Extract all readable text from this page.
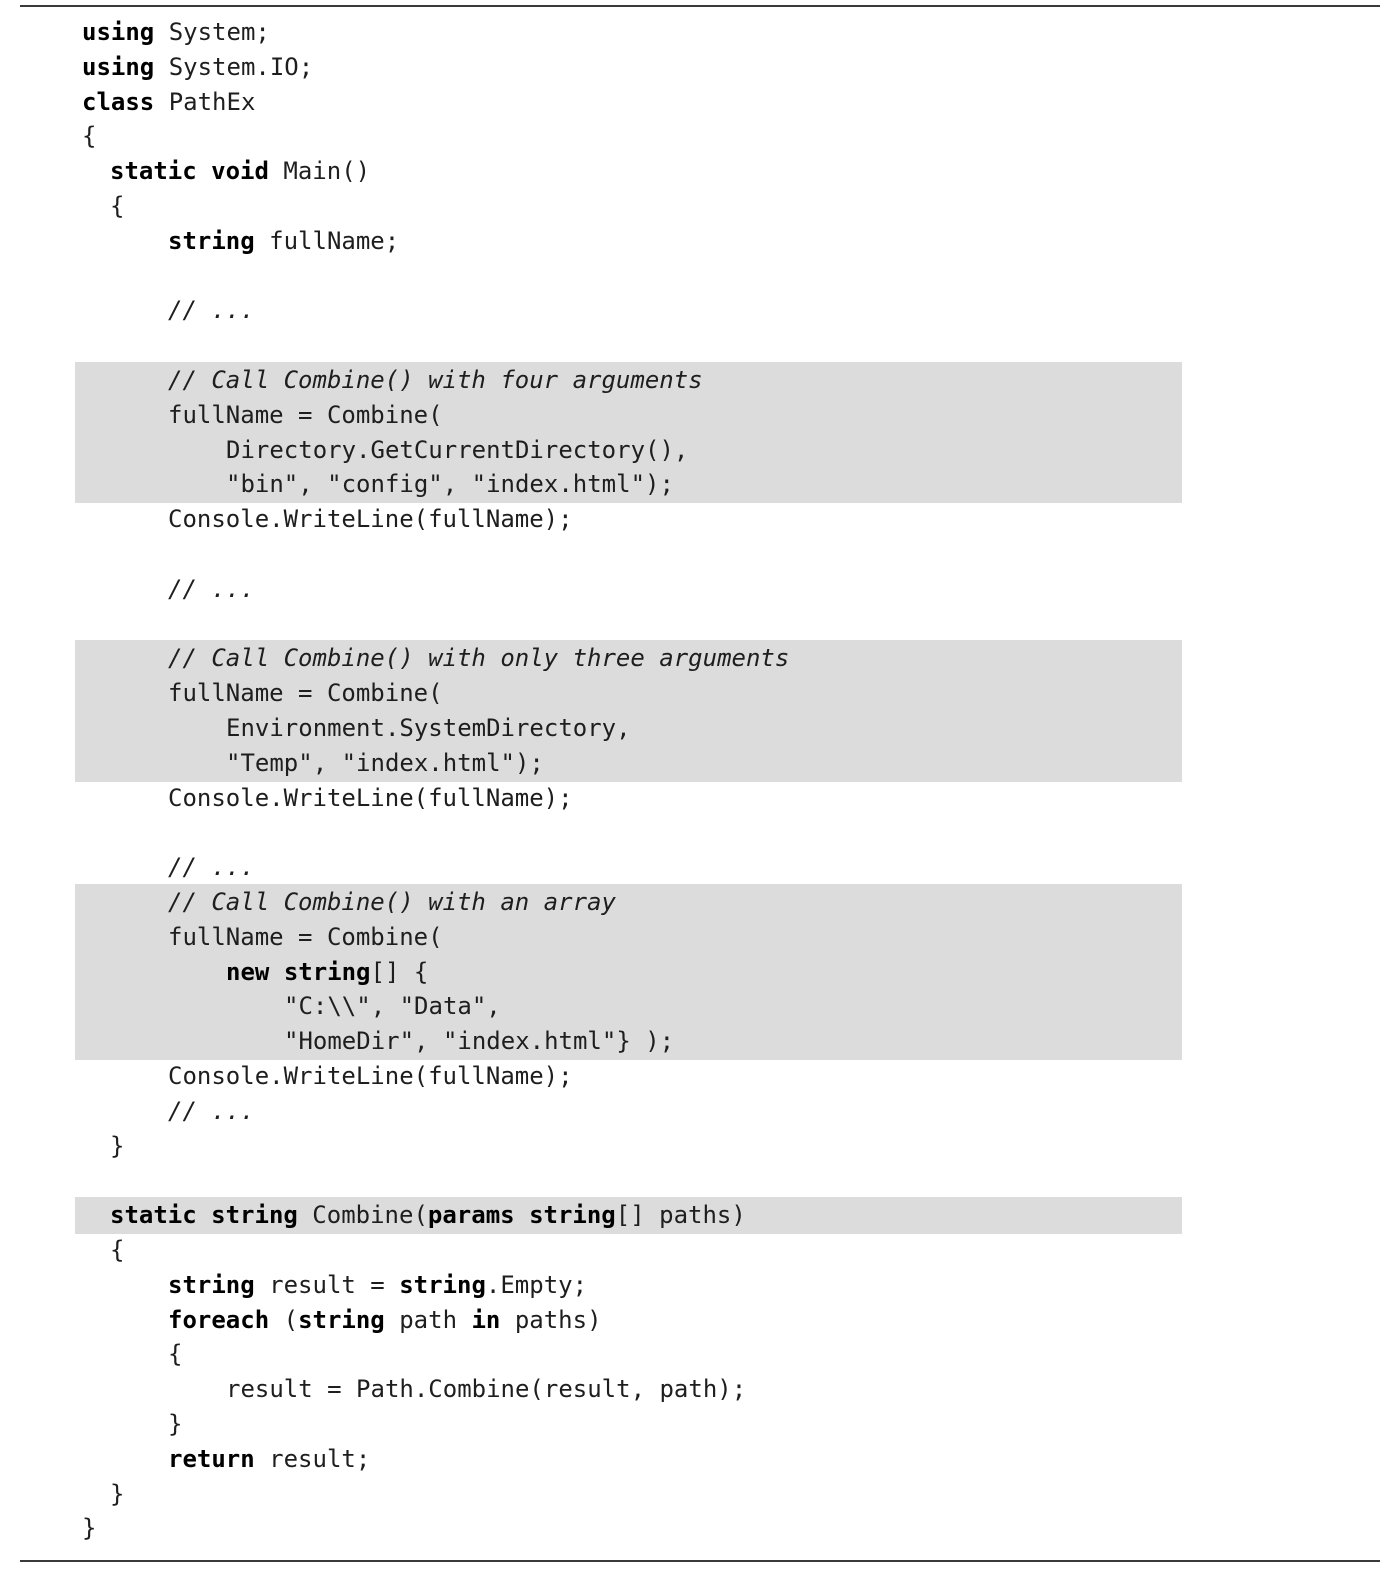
using System;
using System.IO;
class PathEx
{
static void Main()
{
string fullName;
// ...
// Call Combine() with four arguments
fullName = Combine(
Directory.GetCurrentDirectory(),
"bin", "config", "index.html");
Console.WriteLine(fullName);
// ...
// Call Combine() with only three arguments
fullName = Combine(
Environment.SystemDirectory,
"Temp", "index.html");
Console.WriteLine(fullName);
// ...
// Call Combine() with an array
fullName = Combine(
new string[] {
"C:\\", "Data",
"HomeDir", "index.html"} );
Console.WriteLine(fullName);
// ...
}
static string Combine(params string[] paths)
{
string result = string.Empty;
foreach (string path in paths)
{
result = Path.Combine(result, path);
}
return result;
}
}
